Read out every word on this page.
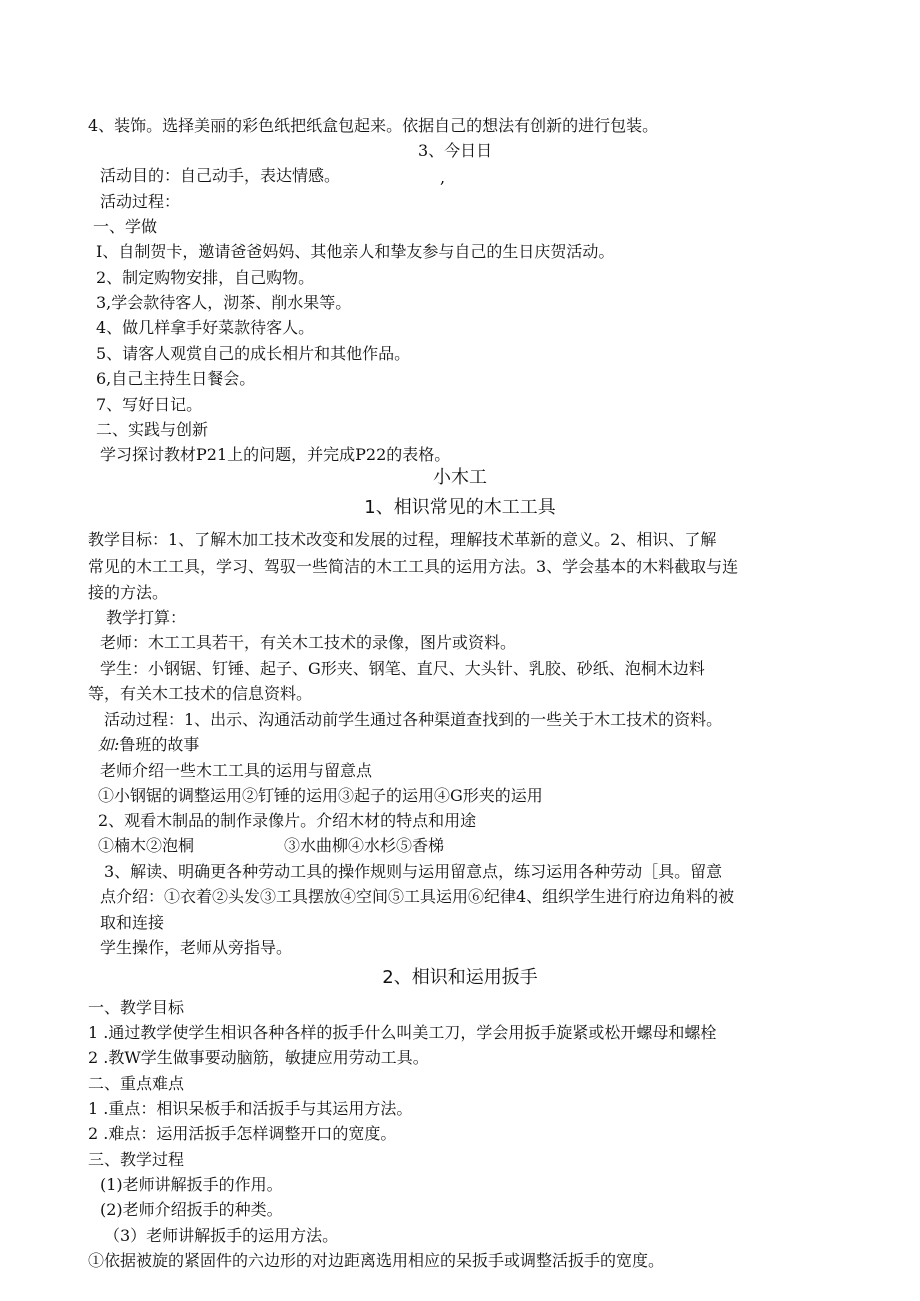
4、装饰。选择美丽的彩色纸把纸盒包起来。依据自己的想法有创新的进行包装。
3、今日日
,
活动目的：自己动手，表达情感。
活动过程：
一、学做
I、自制贺卡，邀请爸爸妈妈、其他亲人和挚友参与自己的生日庆贺活动。
2、制定购物安排，自己购物。
3,学会款待客人，沏茶、削水果等。
4、做几样拿手好菜款待客人。
5、请客人观赏自己的成长相片和其他作品。
6,自己主持生日餐会。
7、写好日记。
二、实践与创新
学习探讨教材P21上的问题，并完成P22的表格。
小木工
1、相识常见的木工工具
教学目标：1、了解木加工技术改变和发展的过程，理解技术革新的意义。2、相识、了解
常见的木工工具，学习、驾驭一些简洁的木工工具的运用方法。3、学会基本的木料截取与连
接的方法。
教学打算：
老师：木工工具若干，有关木工技术的录像，图片或资料。
学生：小钢锯、钉锤、起子、G形夹、钢笔、直尺、大头针、乳胶、砂纸、泡桐木边料
等，有关木工技术的信息资料。
活动过程：1、出示、沟通活动前学生通过各种渠道查找到的一些关于木工技术的资料。
如:鲁班的故事
老师介绍一些木工工具的运用与留意点
①小钢锯的调整运用②钉锤的运用③起子的运用④G形夹的运用
2、观看木制品的制作录像片。介绍木材的特点和用途
①楠木②泡桐	③水曲柳④水杉⑤香梯
3、解读、明确更各种劳动工具的操作规则与运用留意点，练习运用各种劳动［具。留意
点介绍：①衣着②头发③工具摆放④空间⑤工具运用⑥纪律4、组织学生进行府边角料的被
取和连接
学生操作，老师从旁指导。
2、相识和运用扳手
一、教学目标
1 .通过教学使学生相识各种各样的扳手什么叫美工刀，学会用扳手旋紧或松开螺母和螺栓
2 .教W学生做事要动脑筋，敏捷应用劳动工具。
二、重点难点
1 .重点：相识呆板手和活扳手与其运用方法。
2 .难点：运用活扳手怎样调整开口的宽度。
三、教学过程
(1)老师讲解扳手的作用。
(2)老师介绍扳手的种类。
（3）老师讲解扳手的运用方法。
①依据被旋的紧固件的六边形的对边距离选用相应的呆扳手或调整活扳手的宽度。
